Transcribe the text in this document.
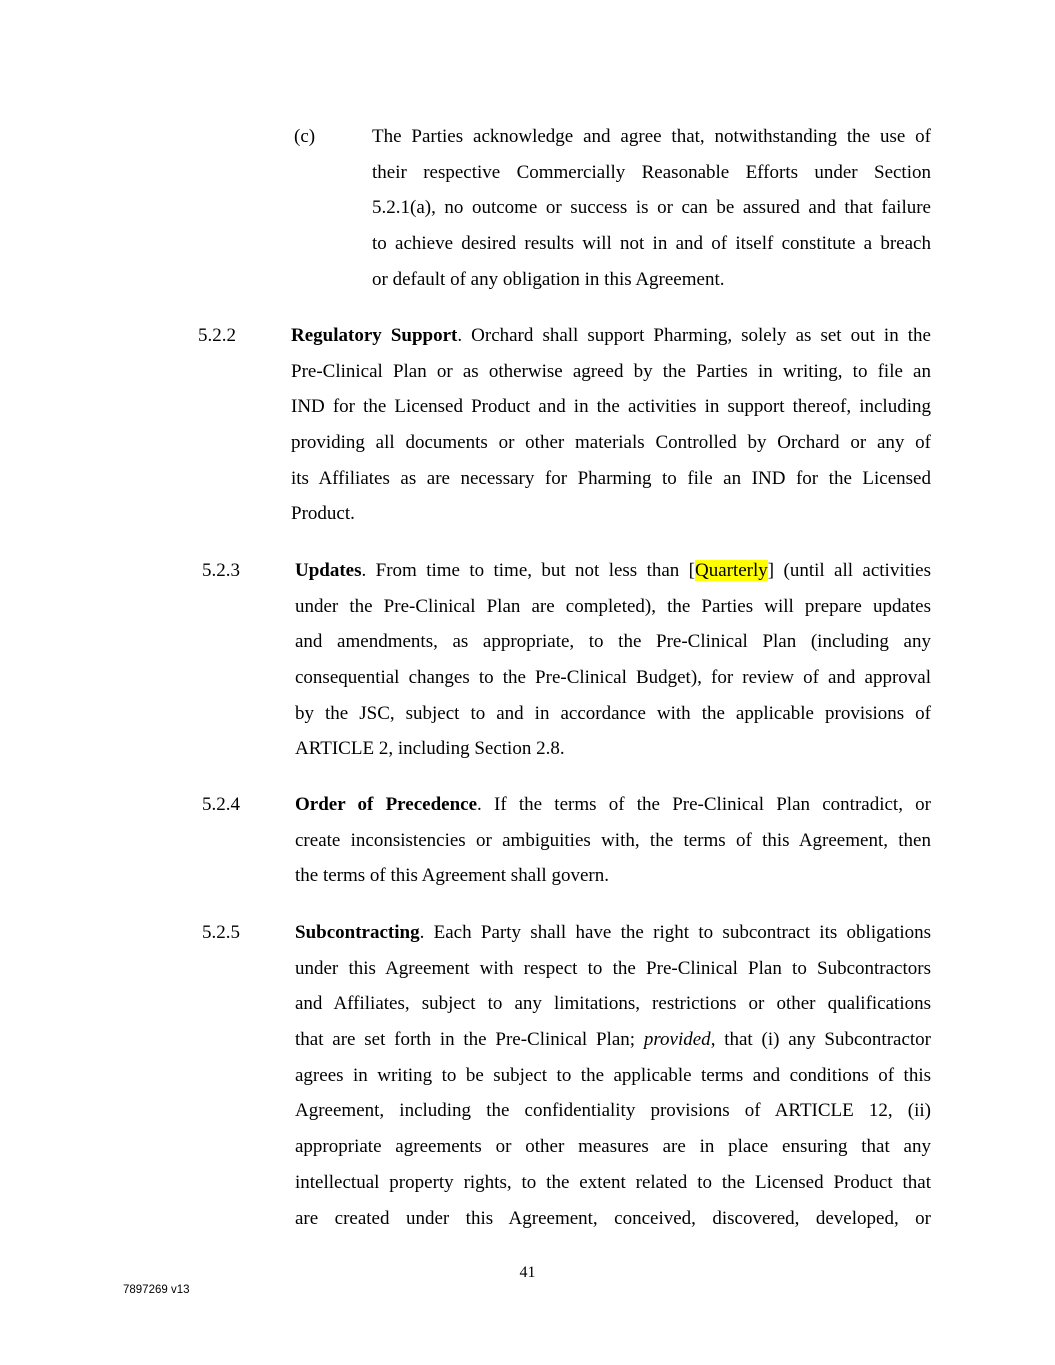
(c)	The Parties acknowledge and agree that, notwithstanding the use of
their respective Commercially Reasonable Efforts under Section
5.2.1(a), no outcome or success is or can be assured and that failure
to achieve desired results will not in and of itself constitute a breach
or default of any obligation in this Agreement.
5.2.2	Regulatory Support. Orchard shall support Pharming, solely as set out in the
Pre-Clinical Plan or as otherwise agreed by the Parties in writing, to file an
IND for the Licensed Product and in the activities in support thereof, including
providing all documents or other materials Controlled by Orchard or any of
its Affiliates as are necessary for Pharming to file an IND for the Licensed
Product.
5.2.3	Updates. From time to time, but not less than [Quarterly] (until all activities
under the Pre-Clinical Plan are completed), the Parties will prepare updates
and amendments, as appropriate, to the Pre-Clinical Plan (including any
consequential changes to the Pre-Clinical Budget), for review of and approval
by the JSC, subject to and in accordance with the applicable provisions of
ARTICLE 2, including Section 2.8.
5.2.4	Order of Precedence. If the terms of the Pre-Clinical Plan contradict, or
create inconsistencies or ambiguities with, the terms of this Agreement, then
the terms of this Agreement shall govern.
5.2.5	Subcontracting. Each Party shall have the right to subcontract its obligations
under this Agreement with respect to the Pre-Clinical Plan to Subcontractors
and Affiliates, subject to any limitations, restrictions or other qualifications
that are set forth in the Pre-Clinical Plan; provided, that (i) any Subcontractor
agrees in writing to be subject to the applicable terms and conditions of this
Agreement, including the confidentiality provisions of ARTICLE 12, (ii)
appropriate agreements or other measures are in place ensuring that any
intellectual property rights, to the extent related to the Licensed Product that
are created under this Agreement, conceived, discovered, developed, or
41
7897269 v13
